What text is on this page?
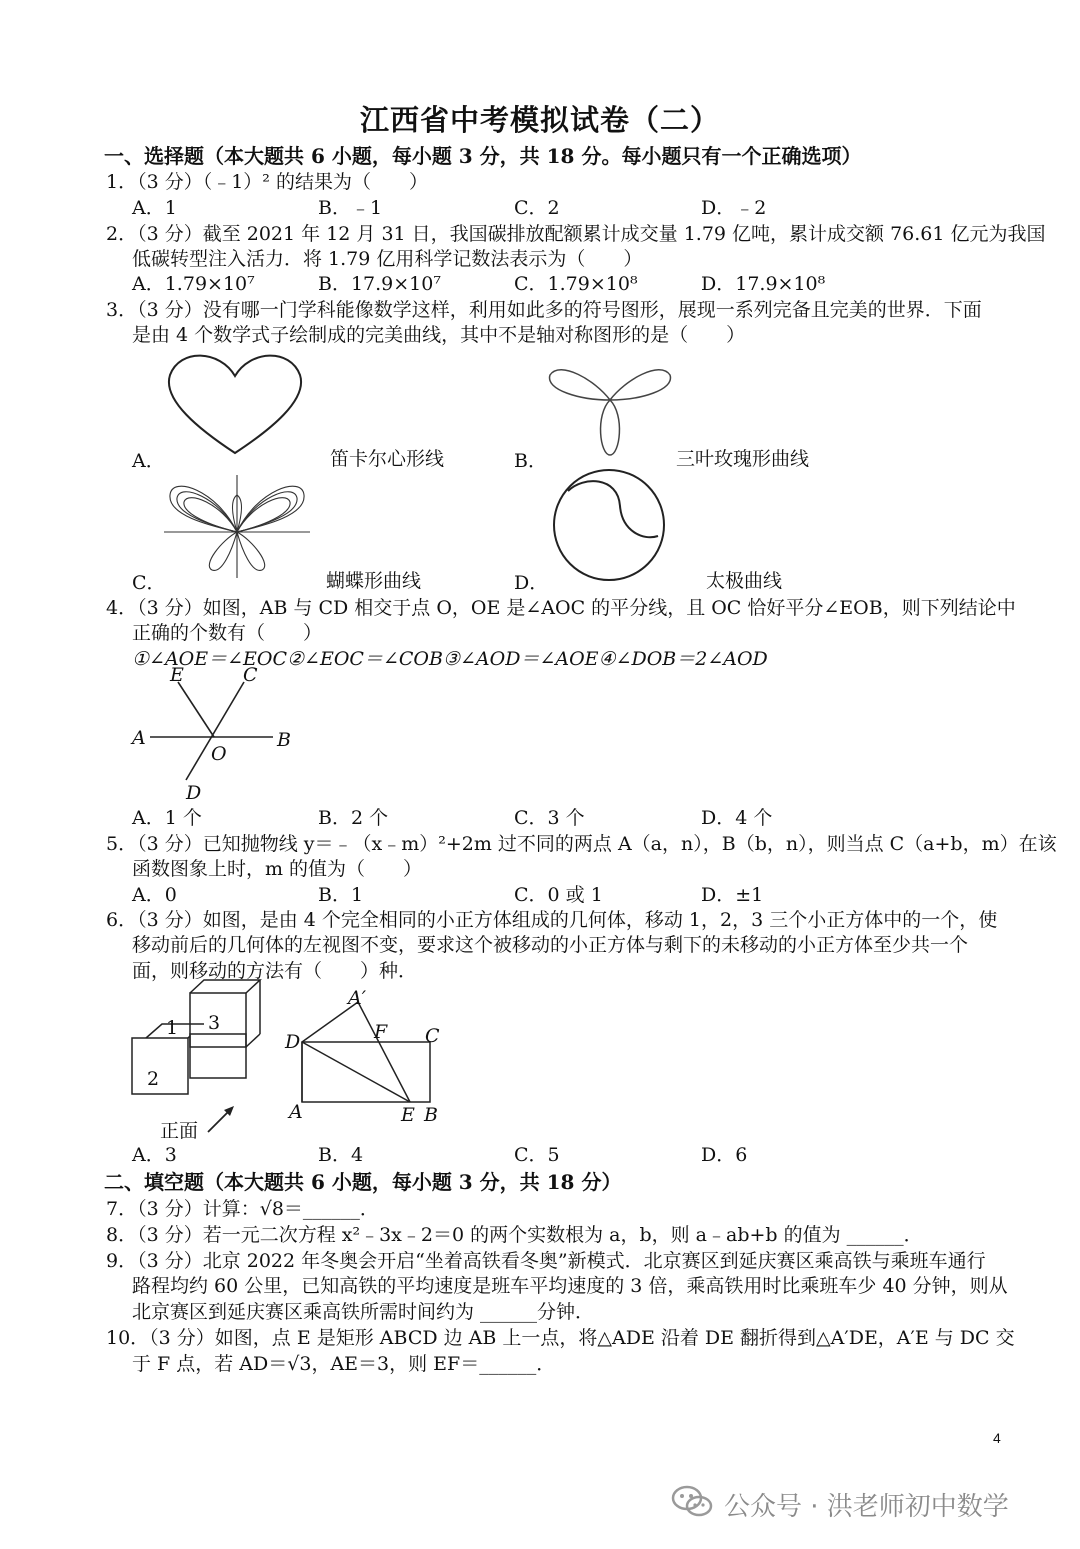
江西省中考模拟试卷（二）
一、选择题（本大题共 6 小题，每小题 3 分，共 18 分。每小题只有一个正确选项）
1．（3 分）（﹣1）² 的结果为（　　）
A．1	B．﹣1	C．2	D．﹣2
2．（3 分）截至 2021 年 12 月 31 日，我国碳排放配额累计成交量 1.79 亿吨，累计成交额 76.61 亿元为我国
低碳转型注入活力．将 1.79 亿用科学记数法表示为（　　）
A．1.79×10⁷	B．17.9×10⁷	C．1.79×10⁸	D．17.9×10⁸
3．（3 分）没有哪一门学科能像数学这样，利用如此多的符号图形，展现一系列完备且完美的世界．下面
是由 4 个数学式子绘制成的完美曲线，其中不是轴对称图形的是（　　）
A．	笛卡尔心形线	B．	三叶玫瑰形曲线
C．	蝴蝶形曲线	D．	太极曲线
4．（3 分）如图，AB 与 CD 相交于点 O，OE 是∠AOC 的平分线，且 OC 恰好平分∠EOB，则下列结论中
正确的个数有（　　）
①∠AOE＝∠EOC②∠EOC＝∠COB③∠AOD＝∠AOE④∠DOB＝2∠AOD
E	C
A	B
O
D
A．1 个	B．2 个	C．3 个	D．4 个
5．（3 分）已知抛物线 y＝﹣（x﹣m）²+2m 过不同的两点 A（a，n），B（b，n），则当点 C（a+b，m）在该
函数图象上时，m 的值为（　　）
A．0	B．1	C．0 或 1	D．±1
6．（3 分）如图，是由 4 个完全相同的小正方体组成的几何体，移动 1，2，3 三个小正方体中的一个，使
移动前后的几何体的左视图不变，要求这个被移动的小正方体与剩下的未移动的小正方体至少共一个
面，则移动的方法有（　　）种．
1 3
2
正面
A′
F C
D
A	E B
A．3	B．4	C．5	D．6
二、填空题（本大题共 6 小题，每小题 3 分，共 18 分）
7．（3 分）计算：√8＝______．
8．（3 分）若一元二次方程 x²﹣3x﹣2＝0 的两个实数根为 a，b，则 a﹣ab+b 的值为 ______．
9．（3 分）北京 2022 年冬奥会开启“坐着高铁看冬奥”新模式．北京赛区到延庆赛区乘高铁与乘班车通行
路程均约 60 公里，已知高铁的平均速度是班车平均速度的 3 倍，乘高铁用时比乘班车少 40 分钟，则从
北京赛区到延庆赛区乘高铁所需时间约为 ______分钟．
10．（3 分）如图，点 E 是矩形 ABCD 边 AB 上一点，将△ADE 沿着 DE 翻折得到△A′DE，A′E 与 DC 交
于 F 点，若 AD＝√3，AE＝3，则 EF＝______．
4
公众号 · 洪老师初中数学
